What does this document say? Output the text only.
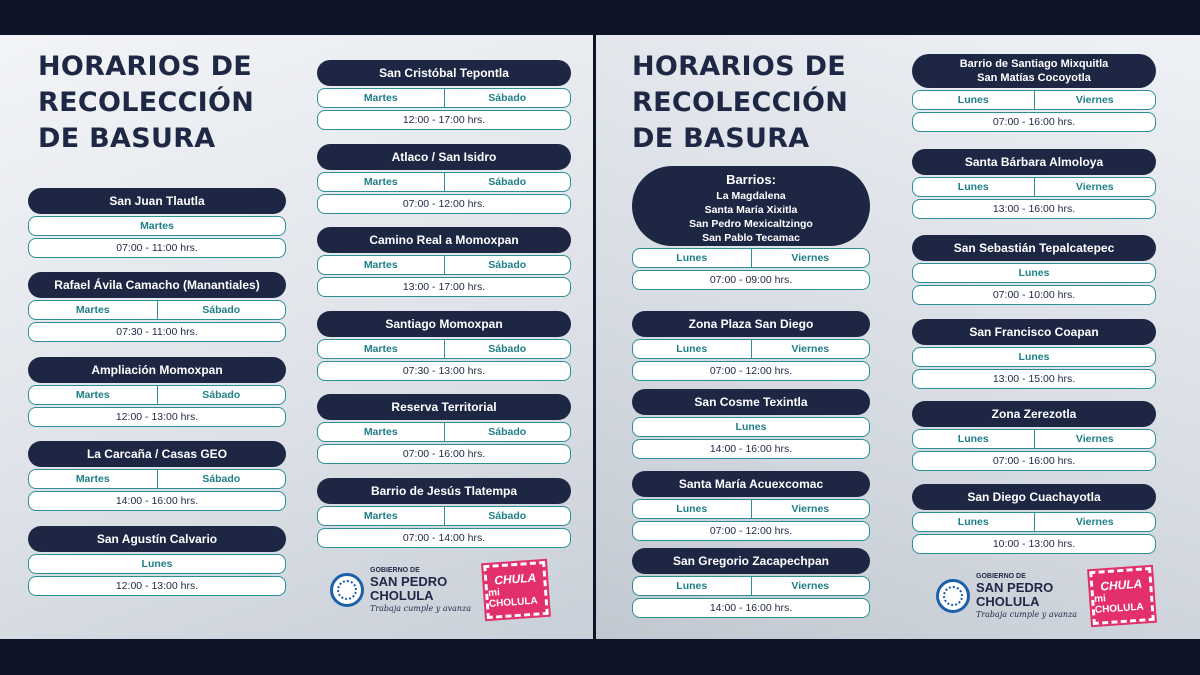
HORARIOS DE
RECOLECCIÓN
DE BASURA
San Juan Tlautla
Martes
07:00 - 11:00 hrs.
Rafael Ávila Camacho (Manantiales)
Martes	Sábado
07:30 - 11:00 hrs.
Ampliación Momoxpan
Martes	Sábado
12:00 - 13:00 hrs.
La Carcaña / Casas GEO
Martes	Sábado
14:00 - 16:00 hrs.
San Agustín Calvario
Lunes
12:00 - 13:00 hrs.
San Cristóbal Tepontla
Martes	Sábado
12:00 - 17:00 hrs.
Atlaco / San Isidro
Martes	Sábado
07:00 - 12:00 hrs.
Camino Real a Momoxpan
Martes	Sábado
13:00 - 17:00 hrs.
Santiago Momoxpan
Martes	Sábado
07:30 - 13:00 hrs.
Reserva Territorial
Martes	Sábado
07:00 - 16:00 hrs.
Barrio de Jesús Tlatempa
Martes	Sábado
07:00 - 14:00 hrs.
GOBIERNO DE
SAN PEDRO
CHOLULA
Trabaja cumple y avanza
CHULA
mi CHOLULA
HORARIOS DE
RECOLECCIÓN
DE BASURA
Barrios:
La Magdalena
Santa María Xixitla
San Pedro Mexicaltzingo
San Pablo Tecamac
Lunes	Viernes
07:00 - 09:00 hrs.
Zona Plaza San Diego
Lunes	Viernes
07:00 - 12:00 hrs.
San Cosme Texintla
Lunes
14:00 - 16:00 hrs.
Santa María Acuexcomac
Lunes	Viernes
07:00 - 12:00 hrs.
San Gregorio Zacapechpan
Lunes	Viernes
14:00 - 16:00 hrs.
Barrio de Santiago Mixquitla
San Matías Cocoyotla
Lunes	Viernes
07:00 - 16:00 hrs.
Santa Bárbara Almoloya
Lunes	Viernes
13:00 - 16:00 hrs.
San Sebastián Tepalcatepec
Lunes
07:00 - 10:00 hrs.
San Francisco Coapan
Lunes
13:00 - 15:00 hrs.
Zona Zerezotla
Lunes	Viernes
07:00 - 16:00 hrs.
San Diego Cuachayotla
Lunes	Viernes
10:00 - 13:00 hrs.
GOBIERNO DE
SAN PEDRO
CHOLULA
Trabaja cumple y avanza
CHULA
mi CHOLULA
